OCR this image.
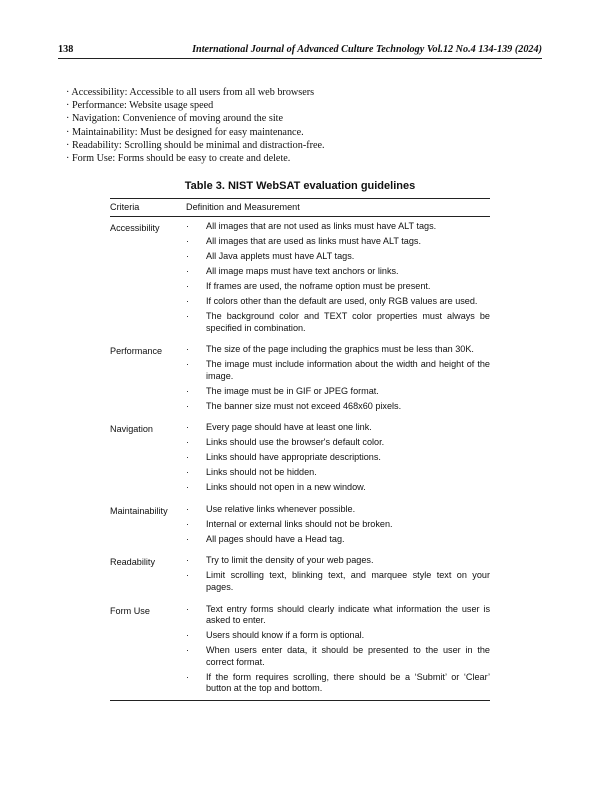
138	International Journal of Advanced Culture Technology Vol.12 No.4 134-139 (2024)
· Accessibility: Accessible to all users from all web browsers
· Performance: Website usage speed
· Navigation: Convenience of moving around the site
· Maintainability: Must be designed for easy maintenance.
· Readability: Scrolling should be minimal and distraction-free.
· Form Use: Forms should be easy to create and delete.
Table 3. NIST WebSAT evaluation guidelines
Criteria	Definition and Measurement
Accessibility	· All images that are not used as links must have ALT tags.
· All images that are used as links must have ALT tags.
· All Java applets must have ALT tags.
· All image maps must have text anchors or links.
· If frames are used, the noframe option must be present.
· If colors other than the default are used, only RGB values are used.
· The background color and TEXT color properties must always be specified in combination.
Performance	· The size of the page including the graphics must be less than 30K.
· The image must include information about the width and height of the image.
· The image must be in GIF or JPEG format.
· The banner size must not exceed 468x60 pixels.
Navigation	· Every page should have at least one link.
· Links should use the browser's default color.
· Links should have appropriate descriptions.
· Links should not be hidden.
· Links should not open in a new window.
Maintainability	· Use relative links whenever possible.
· Internal or external links should not be broken.
· All pages should have a Head tag.
Readability	· Try to limit the density of your web pages.
· Limit scrolling text, blinking text, and marquee style text on your pages.
Form Use	· Text entry forms should clearly indicate what information the user is asked to enter.
· Users should know if a form is optional.
· When users enter data, it should be presented to the user in the correct format.
· If the form requires scrolling, there should be a ‘Submit’ or ‘Clear’ button at the top and bottom.
